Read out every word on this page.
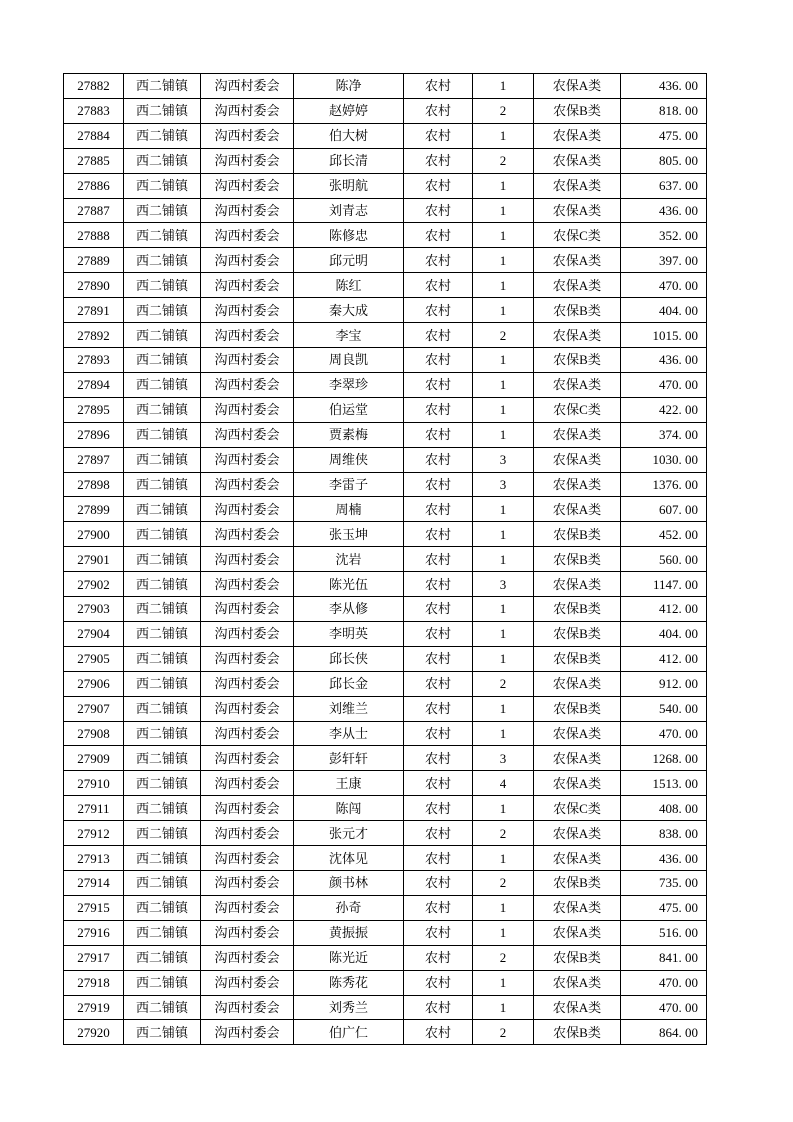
27882	西二铺镇	沟西村委会	陈净	农村	1	农保A类	436. 00
27883	西二铺镇	沟西村委会	赵婷婷	农村	2	农保B类	818. 00
27884	西二铺镇	沟西村委会	伯大树	农村	1	农保A类	475. 00
27885	西二铺镇	沟西村委会	邱长清	农村	2	农保A类	805. 00
27886	西二铺镇	沟西村委会	张明航	农村	1	农保A类	637. 00
27887	西二铺镇	沟西村委会	刘青志	农村	1	农保A类	436. 00
27888	西二铺镇	沟西村委会	陈修忠	农村	1	农保C类	352. 00
27889	西二铺镇	沟西村委会	邱元明	农村	1	农保A类	397. 00
27890	西二铺镇	沟西村委会	陈红	农村	1	农保A类	470. 00
27891	西二铺镇	沟西村委会	秦大成	农村	1	农保B类	404. 00
27892	西二铺镇	沟西村委会	李宝	农村	2	农保A类	1015. 00
27893	西二铺镇	沟西村委会	周良凯	农村	1	农保B类	436. 00
27894	西二铺镇	沟西村委会	李翠珍	农村	1	农保A类	470. 00
27895	西二铺镇	沟西村委会	伯运堂	农村	1	农保C类	422. 00
27896	西二铺镇	沟西村委会	贾素梅	农村	1	农保A类	374. 00
27897	西二铺镇	沟西村委会	周维侠	农村	3	农保A类	1030. 00
27898	西二铺镇	沟西村委会	李雷子	农村	3	农保A类	1376. 00
27899	西二铺镇	沟西村委会	周楠	农村	1	农保A类	607. 00
27900	西二铺镇	沟西村委会	张玉坤	农村	1	农保B类	452. 00
27901	西二铺镇	沟西村委会	沈岩	农村	1	农保B类	560. 00
27902	西二铺镇	沟西村委会	陈光伍	农村	3	农保A类	1147. 00
27903	西二铺镇	沟西村委会	李从修	农村	1	农保B类	412. 00
27904	西二铺镇	沟西村委会	李明英	农村	1	农保B类	404. 00
27905	西二铺镇	沟西村委会	邱长侠	农村	1	农保B类	412. 00
27906	西二铺镇	沟西村委会	邱长金	农村	2	农保A类	912. 00
27907	西二铺镇	沟西村委会	刘维兰	农村	1	农保B类	540. 00
27908	西二铺镇	沟西村委会	李从士	农村	1	农保A类	470. 00
27909	西二铺镇	沟西村委会	彭轩轩	农村	3	农保A类	1268. 00
27910	西二铺镇	沟西村委会	王康	农村	4	农保A类	1513. 00
27911	西二铺镇	沟西村委会	陈闯	农村	1	农保C类	408. 00
27912	西二铺镇	沟西村委会	张元才	农村	2	农保A类	838. 00
27913	西二铺镇	沟西村委会	沈体见	农村	1	农保A类	436. 00
27914	西二铺镇	沟西村委会	颜书林	农村	2	农保B类	735. 00
27915	西二铺镇	沟西村委会	孙奇	农村	1	农保A类	475. 00
27916	西二铺镇	沟西村委会	黄振振	农村	1	农保A类	516. 00
27917	西二铺镇	沟西村委会	陈光近	农村	2	农保B类	841. 00
27918	西二铺镇	沟西村委会	陈秀花	农村	1	农保A类	470. 00
27919	西二铺镇	沟西村委会	刘秀兰	农村	1	农保A类	470. 00
27920	西二铺镇	沟西村委会	伯广仁	农村	2	农保B类	864. 00
